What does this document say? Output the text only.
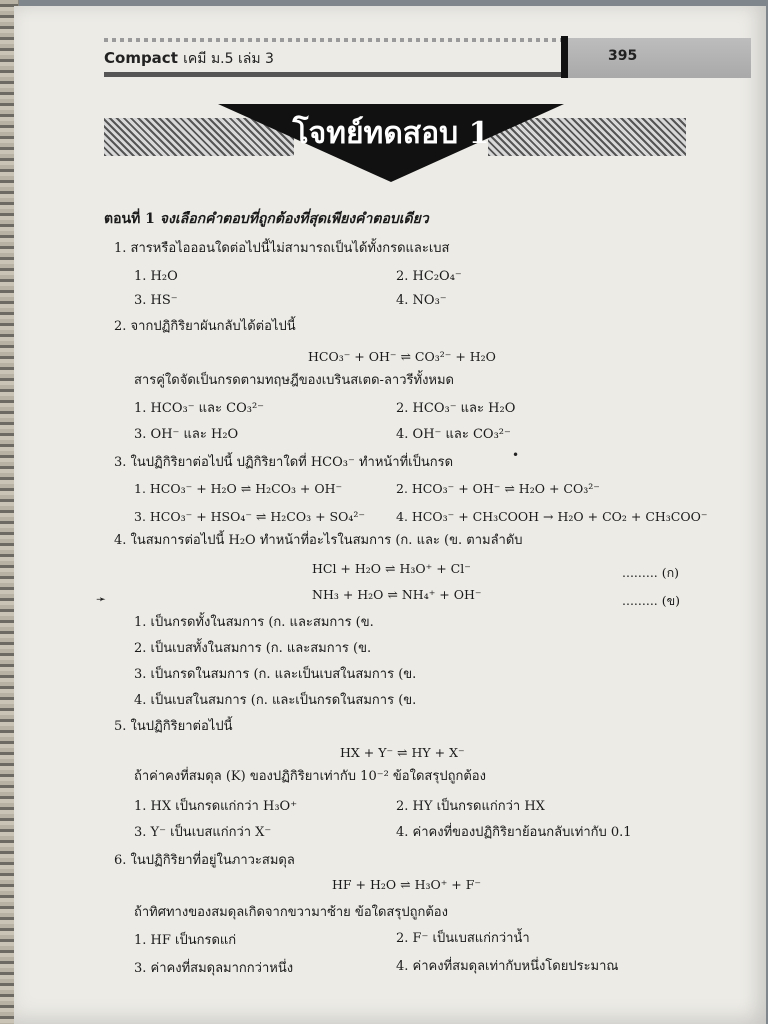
Compact เคมี ม.5 เล่ม 3	395
โจทย์ทดสอบ 1
ตอนที่ 1 จงเลือกคำตอบที่ถูกต้องที่สุดเพียงคำตอบเดียว
1. สารหรือไอออนใดต่อไปนี้ไม่สามารถเป็นได้ทั้งกรดและเบส
1. H₂O	2. HC₂O₄⁻
3. HS⁻	4. NO₃⁻
2. จากปฏิกิริยาผันกลับได้ต่อไปนี้
HCO₃⁻ + OH⁻ ⇌ CO₃²⁻ + H₂O
สารคู่ใดจัดเป็นกรดตามทฤษฎีของเบรินสเตด-ลาวรีทั้งหมด
1. HCO₃⁻ และ CO₃²⁻	2. HCO₃⁻ และ H₂O
3. OH⁻ และ H₂O	4. OH⁻ และ CO₃²⁻
3. ในปฏิกิริยาต่อไปนี้ ปฏิกิริยาใดที่ HCO₃⁻ ทำหน้าที่เป็นกรด	•
1. HCO₃⁻ + H₂O ⇌ H₂CO₃ + OH⁻	2. HCO₃⁻ + OH⁻ ⇌ H₂O + CO₃²⁻
3. HCO₃⁻ + HSO₄⁻ ⇌ H₂CO₃ + SO₄²⁻ 4. HCO₃⁻ + CH₃COOH → H₂O + CO₂ + CH₃COO⁻
4. ในสมการต่อไปนี้ H₂O ทำหน้าที่อะไรในสมการ (ก. และ (ข. ตามลำดับ
HCl + H₂O ⇌ H₃O⁺ + Cl⁻	......... (ก)
NH₃ + H₂O ⇌ NH₄⁺ + OH⁻	......... (ข)
➛
1. เป็นกรดทั้งในสมการ (ก. และสมการ (ข.
2. เป็นเบสทั้งในสมการ (ก. และสมการ (ข.
3. เป็นกรดในสมการ (ก. และเป็นเบสในสมการ (ข.
4. เป็นเบสในสมการ (ก. และเป็นกรดในสมการ (ข.
5. ในปฏิกิริยาต่อไปนี้
HX + Y⁻ ⇌ HY + X⁻
ถ้าค่าคงที่สมดุล (K) ของปฏิกิริยาเท่ากับ 10⁻² ข้อใดสรุปถูกต้อง
1. HX เป็นกรดแก่กว่า H₃O⁺	2. HY เป็นกรดแก่กว่า HX
3. Y⁻ เป็นเบสแก่กว่า X⁻	4. ค่าคงที่ของปฏิกิริยาย้อนกลับเท่ากับ 0.1
6. ในปฏิกิริยาที่อยู่ในภาวะสมดุล
HF + H₂O ⇌ H₃O⁺ + F⁻
ถ้าทิศทางของสมดุลเกิดจากขวามาซ้าย ข้อใดสรุปถูกต้อง
1. HF เป็นกรดแก่	2. F⁻ เป็นเบสแก่กว่าน้ำ
3. ค่าคงที่สมดุลมากกว่าหนึ่ง	4. ค่าคงที่สมดุลเท่ากับหนึ่งโดยประมาณ
